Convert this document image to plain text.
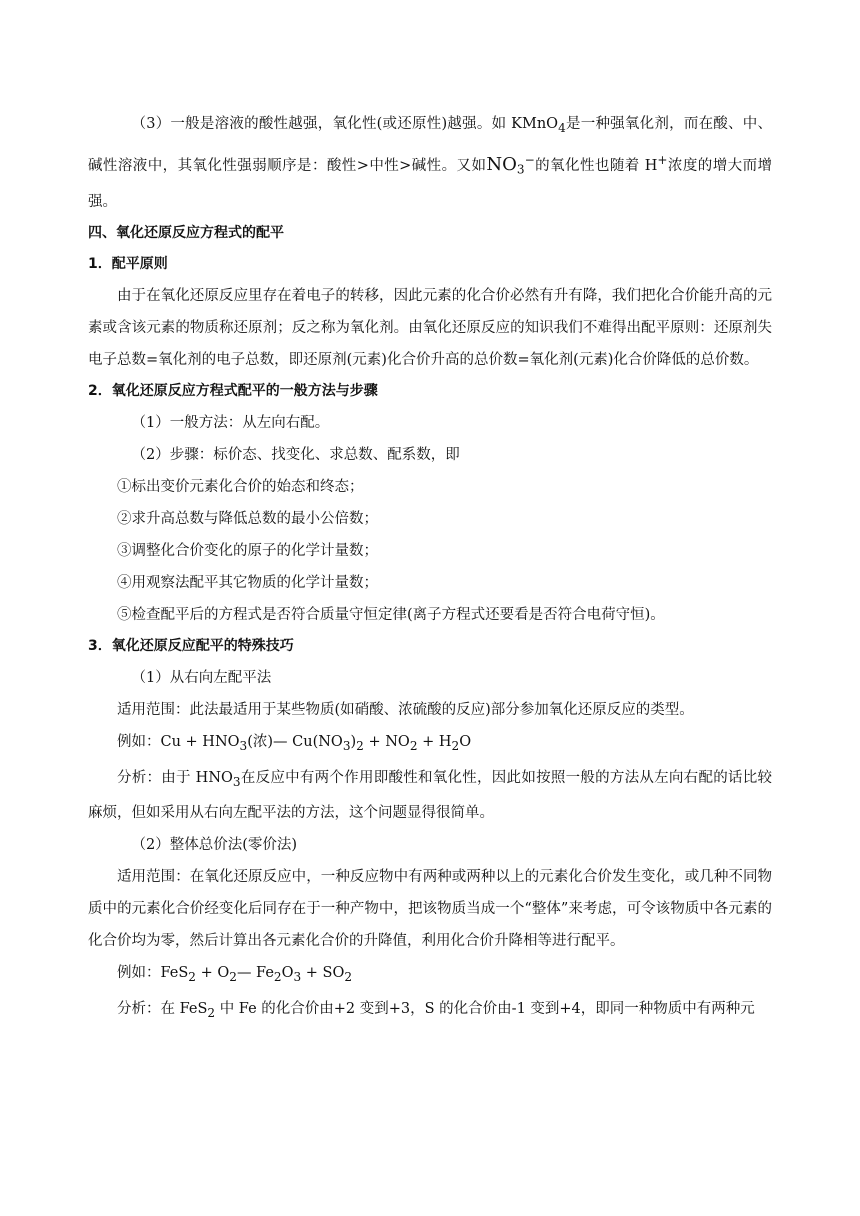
（3）一般是溶液的酸性越强，氧化性(或还原性)越强。如 KMnO$_4$是一种强氧化剂，而在酸、中、碱性溶液中，其氧化性强弱顺序是：酸性>中性>碱性。又如$NO_3^-$的氧化性也随着 H+浓度的增大而增强。

四、氧化还原反应方程式的配平

1．配平原则

由于在氧化还原反应里存在着电子的转移，因此元素的化合价必然有升有降，我们把化合价能升高的元素或含该元素的物质称还原剂；反之称为氧化剂。由氧化还原反应的知识我们不难得出配平原则：还原剂失电子总数=氧化剂的电子总数，即还原剂(元素)化合价升高的总价数=氧化剂(元素)化合价降低的总价数。

2．氧化还原反应方程式配平的一般方法与步骤

（1）一般方法：从左向右配。

（2）步骤：标价态、找变化、求总数、配系数，即

①标出变价元素化合价的始态和终态；

②求升高总数与降低总数的最小公倍数；

③调整化合价变化的原子的化学计量数；

④用观察法配平其它物质的化学计量数；

⑤检查配平后的方程式是否符合质量守恒定律(离子方程式还要看是否符合电荷守恒)。

3．氧化还原反应配平的特殊技巧

（1）从右向左配平法

适用范围：此法最适用于某些物质(如硝酸、浓硫酸的反应)部分参加氧化还原反应的类型。

例如：$Cu + HNO_3$(浓)— $Cu(NO_3)_2 + NO_2 + H_2O$

分析：由于 $HNO_3$在反应中有两个作用即酸性和氧化性，因此如按照一般的方法从左向右配的话比较麻烦，但如采用从右向左配平法的方法，这个问题显得很简单。

（2）整体总价法(零价法)

适用范围：在氧化还原反应中，一种反应物中有两种或两种以上的元素化合价发生变化，或几种不同物质中的元素化合价经变化后同存在于一种产物中，把该物质当成一个“整体”来考虑，可令该物质中各元素的化合价均为零，然后计算出各元素化合价的升降值，利用化合价升降相等进行配平。

例如：$FeS_2 + O_2—$ $Fe_2O_3 + SO_2$

分析：在 FeS$_2$ 中 Fe 的化合价由+2 变到+3，S 的化合价由-1 变到+4，即同一种物质中有两种元
